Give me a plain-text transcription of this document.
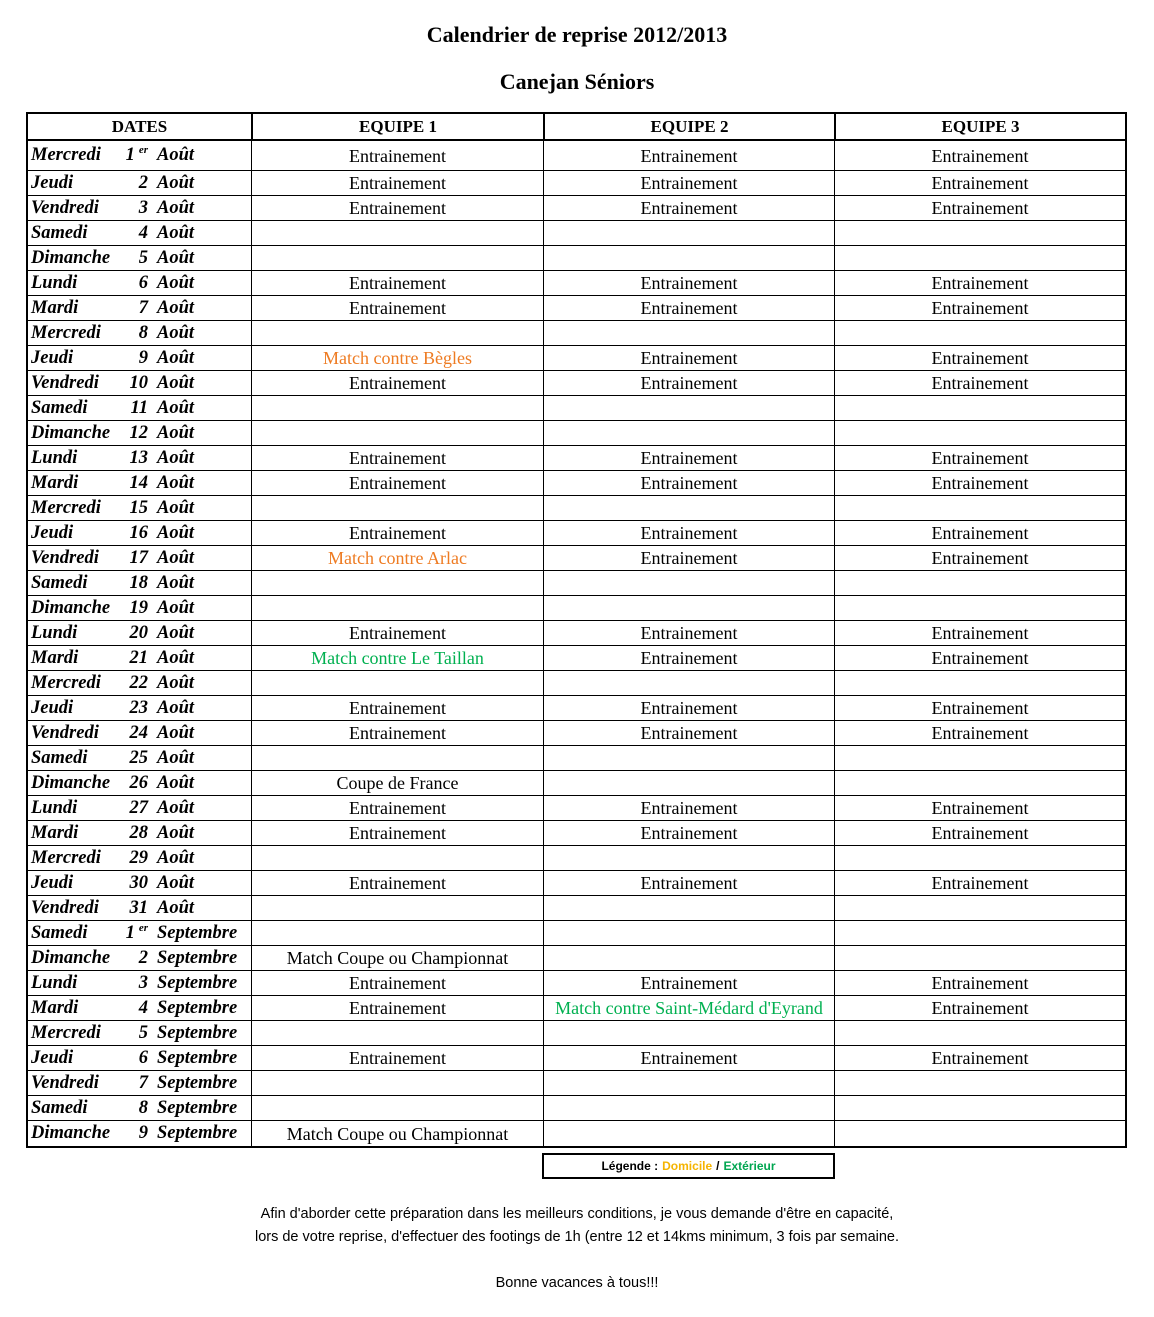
Calendrier de reprise 2012/2013
Canejan Séniors
DATES	EQUIPE 1	EQUIPE 2	EQUIPE 3
Mercredi	1 $^{er}$ Août	Entrainement	Entrainement	Entrainement
Jeudi	2 Août	Entrainement	Entrainement	Entrainement
Vendredi	3 Août	Entrainement	Entrainement	Entrainement
Samedi	4 Août
Dimanche	5 Août
Lundi	6 Août	Entrainement	Entrainement	Entrainement
Mardi	7 Août	Entrainement	Entrainement	Entrainement
Mercredi	8 Août
Jeudi	9 Août	Match contre Bègles	Entrainement	Entrainement
Vendredi	10 Août	Entrainement	Entrainement	Entrainement
Samedi	11 Août
Dimanche	12 Août
Lundi	13 Août	Entrainement	Entrainement	Entrainement
Mardi	14 Août	Entrainement	Entrainement	Entrainement
Mercredi	15 Août
Jeudi	16 Août	Entrainement	Entrainement	Entrainement
Vendredi	17 Août	Match contre Arlac	Entrainement	Entrainement
Samedi	18 Août
Dimanche	19 Août
Lundi	20 Août	Entrainement	Entrainement	Entrainement
Mardi	21 Août	Match contre Le Taillan	Entrainement	Entrainement
Mercredi	22 Août
Jeudi	23 Août	Entrainement	Entrainement	Entrainement
Vendredi	24 Août	Entrainement	Entrainement	Entrainement
Samedi	25 Août
Dimanche	26 Août	Coupe de France
Lundi	27 Août	Entrainement	Entrainement	Entrainement
Mardi	28 Août	Entrainement	Entrainement	Entrainement
Mercredi	29 Août
Jeudi	30 Août	Entrainement	Entrainement	Entrainement
Vendredi	31 Août
Samedi	1 $^{er}$ Septembre
Dimanche	2 Septembre	Match Coupe ou Championnat
Lundi	3 Septembre	Entrainement	Entrainement	Entrainement
Mardi	4 Septembre	Entrainement	Match contre Saint-Médard d'Eyrand	Entrainement
Mercredi	5 Septembre
Jeudi	6 Septembre	Entrainement	Entrainement	Entrainement
Vendredi	7 Septembre
Samedi	8 Septembre
Dimanche	9 Septembre	Match Coupe ou Championnat
Légende : Domicile / Extérieur
Afin d'aborder cette préparation dans les meilleurs conditions, je vous demande d'être en capacité,
lors de votre reprise, d'effectuer des footings de 1h (entre 12 et 14kms minimum, 3 fois par semaine.
Bonne vacances à tous!!!
